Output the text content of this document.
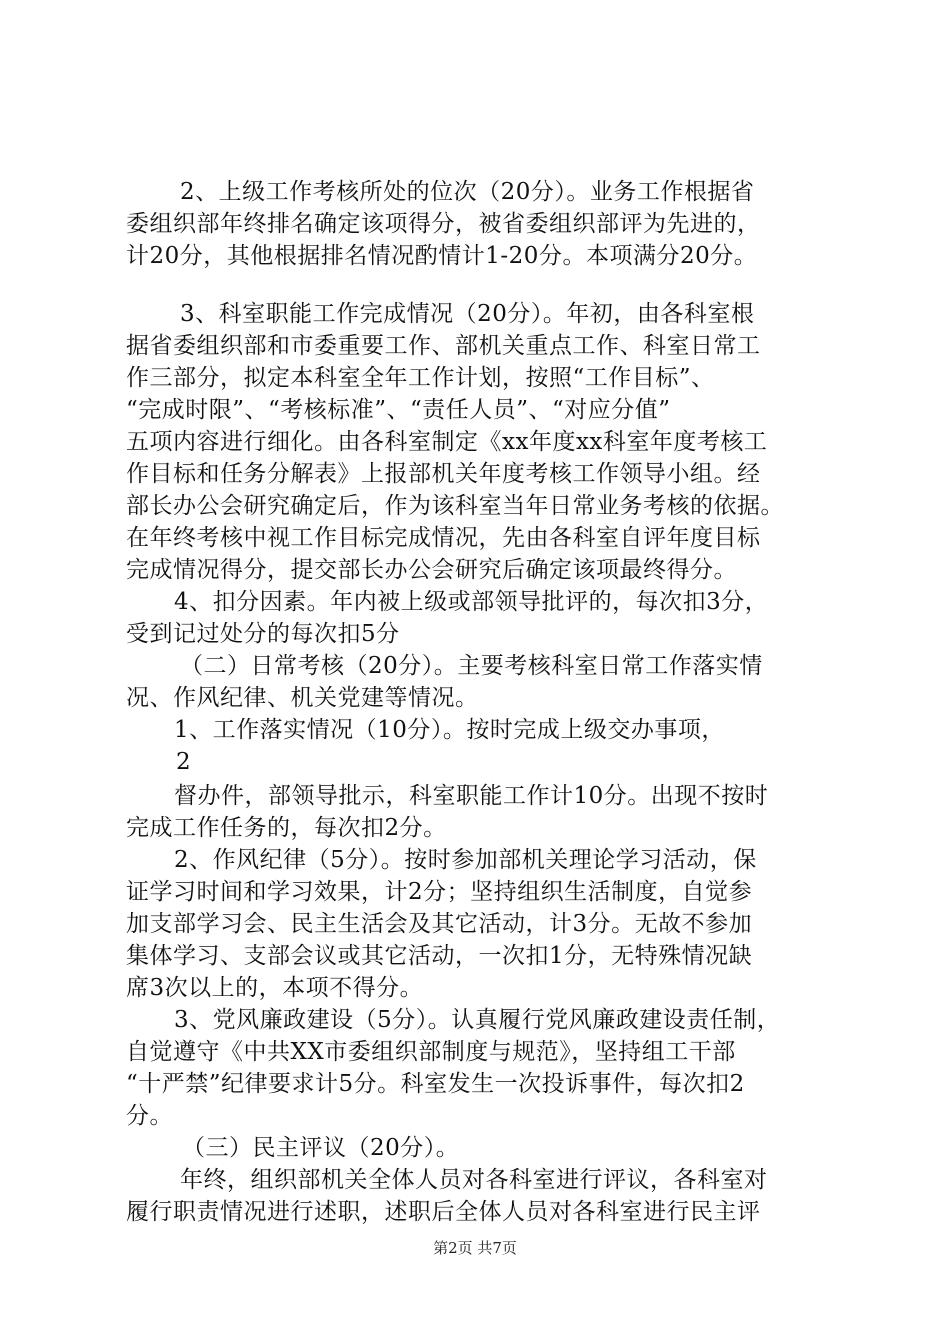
2、上级工作考核所处的位次（20分）。业务工作根据省
委组织部年终排名确定该项得分，被省委组织部评为先进的，
计20分，其他根据排名情况酌情计1-20分。本项满分20分。
3、科室职能工作完成情况（20分）。年初，由各科室根
据省委组织部和市委重要工作、部机关重点工作、科室日常工
作三部分，拟定本科室全年工作计划，按照“工作目标”、
“完成时限”、“考核标准”、“责任人员”、“对应分值”
五项内容进行细化。由各科室制定《xx年度xx科室年度考核工
作目标和任务分解表》上报部机关年度考核工作领导小组。经
部长办公会研究确定后，作为该科室当年日常业务考核的依据。
在年终考核中视工作目标完成情况，先由各科室自评年度目标
完成情况得分，提交部长办公会研究后确定该项最终得分。
4、扣分因素。年内被上级或部领导批评的，每次扣3分，
受到记过处分的每次扣5分
（二）日常考核（20分）。主要考核科室日常工作落实情
况、作风纪律、机关党建等情况。
1、工作落实情况（10分）。按时完成上级交办事项，
2
督办件，部领导批示，科室职能工作计10分。出现不按时
完成工作任务的，每次扣2分。
2、作风纪律（5分）。按时参加部机关理论学习活动，保
证学习时间和学习效果，计2分；坚持组织生活制度，自觉参
加支部学习会、民主生活会及其它活动，计3分。无故不参加
集体学习、支部会议或其它活动，一次扣1分，无特殊情况缺
席3次以上的，本项不得分。
3、党风廉政建设（5分）。认真履行党风廉政建设责任制，
自觉遵守《中共XX市委组织部制度与规范》，坚持组工干部
“十严禁”纪律要求计5分。科室发生一次投诉事件，每次扣2
分。
（三）民主评议（20分）。
年终，组织部机关全体人员对各科室进行评议，各科室对
履行职责情况进行述职，述职后全体人员对各科室进行民主评
第2页 共7页
